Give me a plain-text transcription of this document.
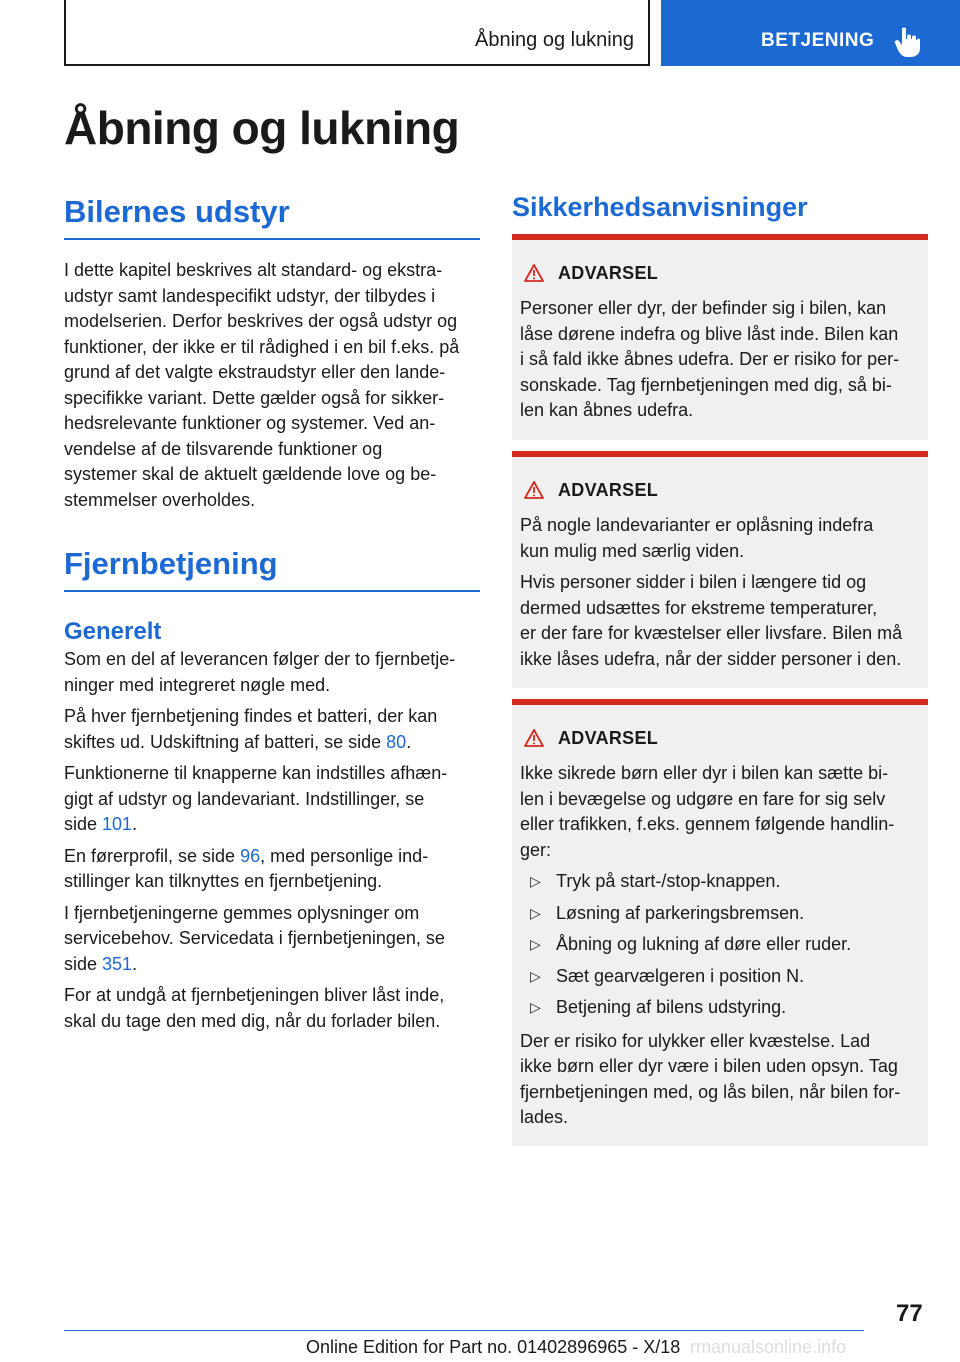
Åbning og lukning	BETJENING
Åbning og lukning
Bilernes udstyr
I dette kapitel beskrives alt standard- og ekstra-
udstyr samt landespecifikt udstyr, der tilbydes i
modelserien. Derfor beskrives der også udstyr og
funktioner, der ikke er til rådighed i en bil f.eks. på
grund af det valgte ekstraudstyr eller den lande-
specifikke variant. Dette gælder også for sikker-
hedsrelevante funktioner og systemer. Ved an-
vendelse af de tilsvarende funktioner og
systemer skal de aktuelt gældende love og be-
stemmelser overholdes.
Fjernbetjening
Generelt
Som en del af leverancen følger der to fjernbetje-
ninger med integreret nøgle med.
På hver fjernbetjening findes et batteri, der kan
skiftes ud. Udskiftning af batteri, se side 80.
Funktionerne til knapperne kan indstilles afhæn-
gigt af udstyr og landevariant. Indstillinger, se
side 101.
En førerprofil, se side 96, med personlige ind-
stillinger kan tilknyttes en fjernbetjening.
I fjernbetjeningerne gemmes oplysninger om
servicebehov. Servicedata i fjernbetjeningen, se
side 351.
For at undgå at fjernbetjeningen bliver låst inde,
skal du tage den med dig, når du forlader bilen.
Sikkerhedsanvisninger
ADVARSEL
Personer eller dyr, der befinder sig i bilen, kan
låse dørene indefra og blive låst inde. Bilen kan
i så fald ikke åbnes udefra. Der er risiko for per-
sonskade. Tag fjernbetjeningen med dig, så bi-
len kan åbnes udefra.
ADVARSEL
På nogle landevarianter er oplåsning indefra
kun mulig med særlig viden.
Hvis personer sidder i bilen i længere tid og
dermed udsættes for ekstreme temperaturer,
er der fare for kvæstelser eller livsfare. Bilen må
ikke låses udefra, når der sidder personer i den.
ADVARSEL
Ikke sikrede børn eller dyr i bilen kan sætte bi-
len i bevægelse og udgøre en fare for sig selv
eller trafikken, f.eks. gennem følgende handlin-
ger:
▷ Tryk på start-/stop-knappen.
▷ Løsning af parkeringsbremsen.
▷ Åbning og lukning af døre eller ruder.
▷ Sæt gearvælgeren i position N.
▷ Betjening af bilens udstyring.
Der er risiko for ulykker eller kvæstelse. Lad
ikke børn eller dyr være i bilen uden opsyn. Tag
fjernbetjeningen med, og lås bilen, når bilen for-
lades.
77
Online Edition for Part no. 01402896965 - X/18 rmanualsonline.info
